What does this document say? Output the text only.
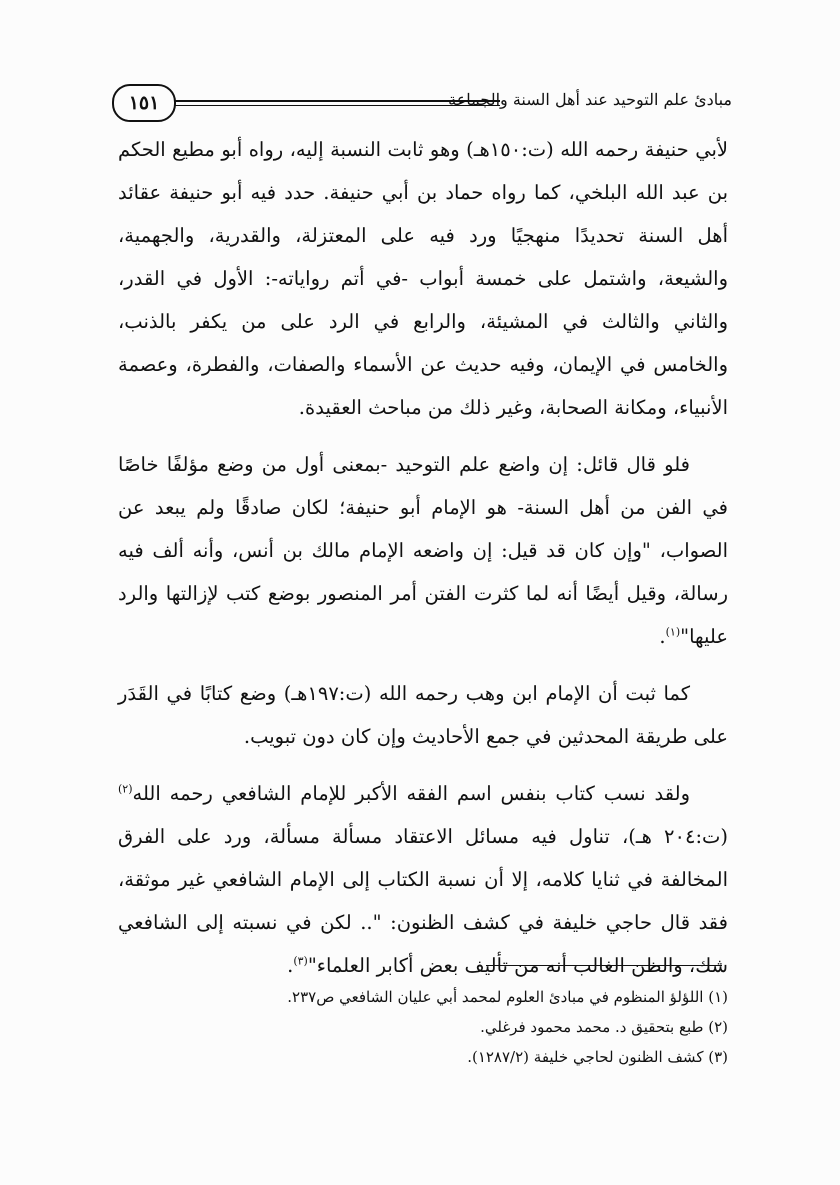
١٥١	مبادئ علم التوحيد عند أهل السنة والجماعة

لأبي حنيفة رحمه الله (ت:١٥٠هـ) وهو ثابت النسبة إليه، رواه أبو مطيع الحكم بن عبد الله البلخي، كما رواه حماد بن أبي حنيفة. حدد فيه أبو حنيفة عقائد أهل السنة تحديدًا منهجيًا ورد فيه على المعتزلة، والقدرية، والجهمية، والشيعة، واشتمل على خمسة أبواب -في أتم رواياته-: الأول في القدر، والثاني والثالث في المشيئة، والرابع في الرد على من يكفر بالذنب، والخامس في الإيمان، وفيه حديث عن الأسماء والصفات، والفطرة، وعصمة الأنبياء، ومكانة الصحابة، وغير ذلك من مباحث العقيدة.

فلو قال قائل: إن واضع علم التوحيد -بمعنى أول من وضع مؤلفًا خاصًا في الفن من أهل السنة- هو الإمام أبو حنيفة؛ لكان صادقًا ولم يبعد عن الصواب، "وإن كان قد قيل: إن واضعه الإمام مالك بن أنس، وأنه ألف فيه رسالة، وقيل أيضًا أنه لما كثرت الفتن أمر المنصور بوضع كتب لإزالتها والرد عليها"$^{(١)}$.

كما ثبت أن الإمام ابن وهب رحمه الله (ت:١٩٧هـ) وضع كتابًا في القَدَر على طريقة المحدثين في جمع الأحاديث وإن كان دون تبويب.

ولقد نسب كتاب بنفس اسم الفقه الأكبر للإمام الشافعي رحمه الله$^{(٢)}$ (ت:٢٠٤ هـ)، تناول فيه مسائل الاعتقاد مسألة مسألة، ورد على الفرق المخالفة في ثنايا كلامه، إلا أن نسبة الكتاب إلى الإمام الشافعي غير موثقة، فقد قال حاجي خليفة في كشف الظنون: ".. لكن في نسبته إلى الشافعي شك، والظن الغالب أنه من تأليف بعض أكابر العلماء"$^{(٣)}$.

(١) اللؤلؤ المنظوم في مبادئ العلوم لمحمد أبي عليان الشافعي ص٢٣٧.

(٢) طبع بتحقيق د. محمد محمود فرغلي.

(٣) كشف الظنون لحاجي خليفة (١٢٨٧/٢).
